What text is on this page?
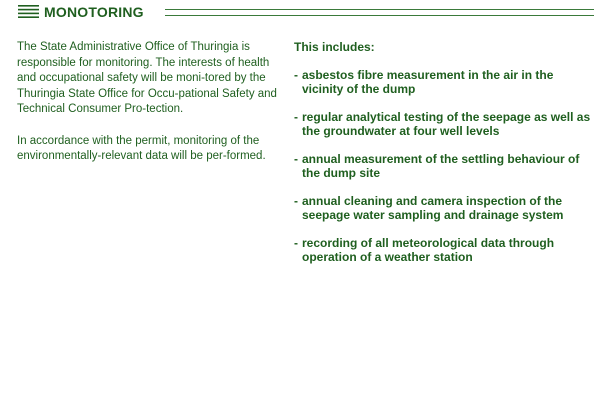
MONOTORING

The State Administrative Office of Thuringia is responsible for monitoring. The interests of health and occupational safety will be moni-tored by the Thuringia State Office for Occu-pational Safety and Technical Consumer Pro-tection.

In accordance with the permit, monitoring of the environmentally-relevant data will be per-formed.

This includes:

- asbestos fibre measurement in the air in the vicinity of the dump
- regular analytical testing of the seepage as well as the groundwater at four well levels
- annual measurement of the settling behaviour of the dump site
- annual cleaning and camera inspection of the seepage water sampling and drainage system
- recording of all meteorological data through operation of a weather station
